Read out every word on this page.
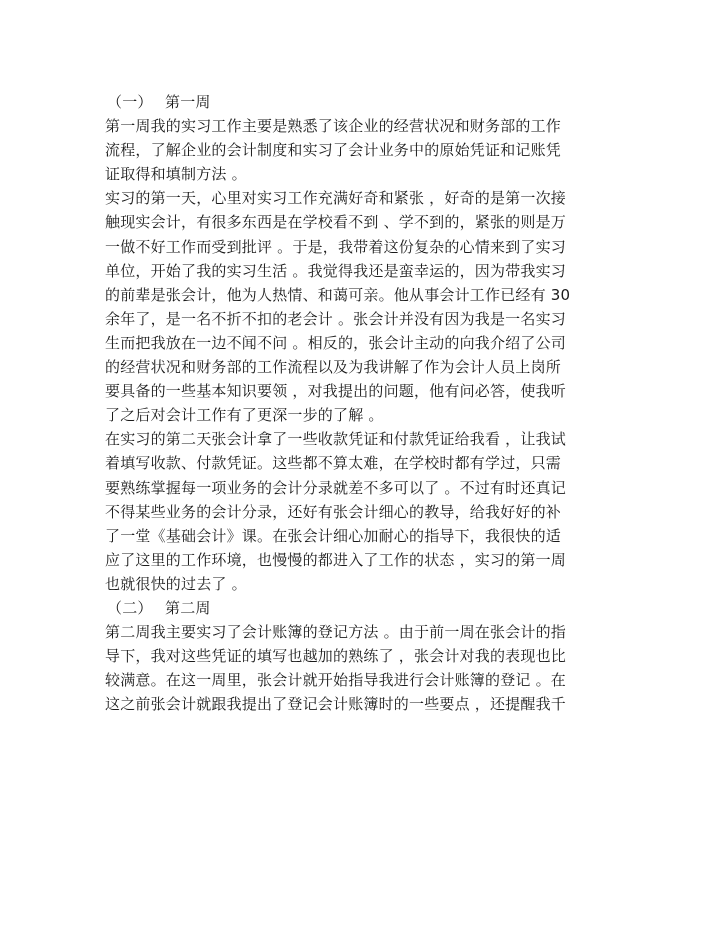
（一） 第一周
第一周我的实习工作主要是熟悉了该企业的经营状况和财务部的工作
流程，了解企业的会计制度和实习了会计业务中的原始凭证和记账凭
证取得和填制方法 。
实习的第一天，心里对实习工作充满好奇和紧张 ，好奇的是第一次接
触现实会计，有很多东西是在学校看不到 、学不到的，紧张的则是万
一做不好工作而受到批评 。于是，我带着这份复杂的心情来到了实习
单位，开始了我的实习生活 。我觉得我还是蛮幸运的，因为带我实习
的前辈是张会计，他为人热情、和蔼可亲。他从事会计工作已经有 30
余年了，是一名不折不扣的老会计 。张会计并没有因为我是一名实习
生而把我放在一边不闻不问 。相反的，张会计主动的向我介绍了公司
的经营状况和财务部的工作流程以及为我讲解了作为会计人员上岗所
要具备的一些基本知识要领 ，对我提出的问题，他有问必答，使我听
了之后对会计工作有了更深一步的了解 。
在实习的第二天张会计拿了一些收款凭证和付款凭证给我看 ，让我试
着填写收款、付款凭证。这些都不算太难，在学校时都有学过，只需
要熟练掌握每一项业务的会计分录就差不多可以了 。不过有时还真记
不得某些业务的会计分录，还好有张会计细心的教导，给我好好的补
了一堂《基础会计》课。在张会计细心加耐心的指导下，我很快的适
应了这里的工作环境，也慢慢的都进入了工作的状态 ，实习的第一周
也就很快的过去了 。
（二） 第二周
第二周我主要实习了会计账簿的登记方法 。由于前一周在张会计的指
导下，我对这些凭证的填写也越加的熟练了 ，张会计对我的表现也比
较满意。在这一周里，张会计就开始指导我进行会计账簿的登记 。在
这之前张会计就跟我提出了登记会计账簿时的一些要点 ，还提醒我千
